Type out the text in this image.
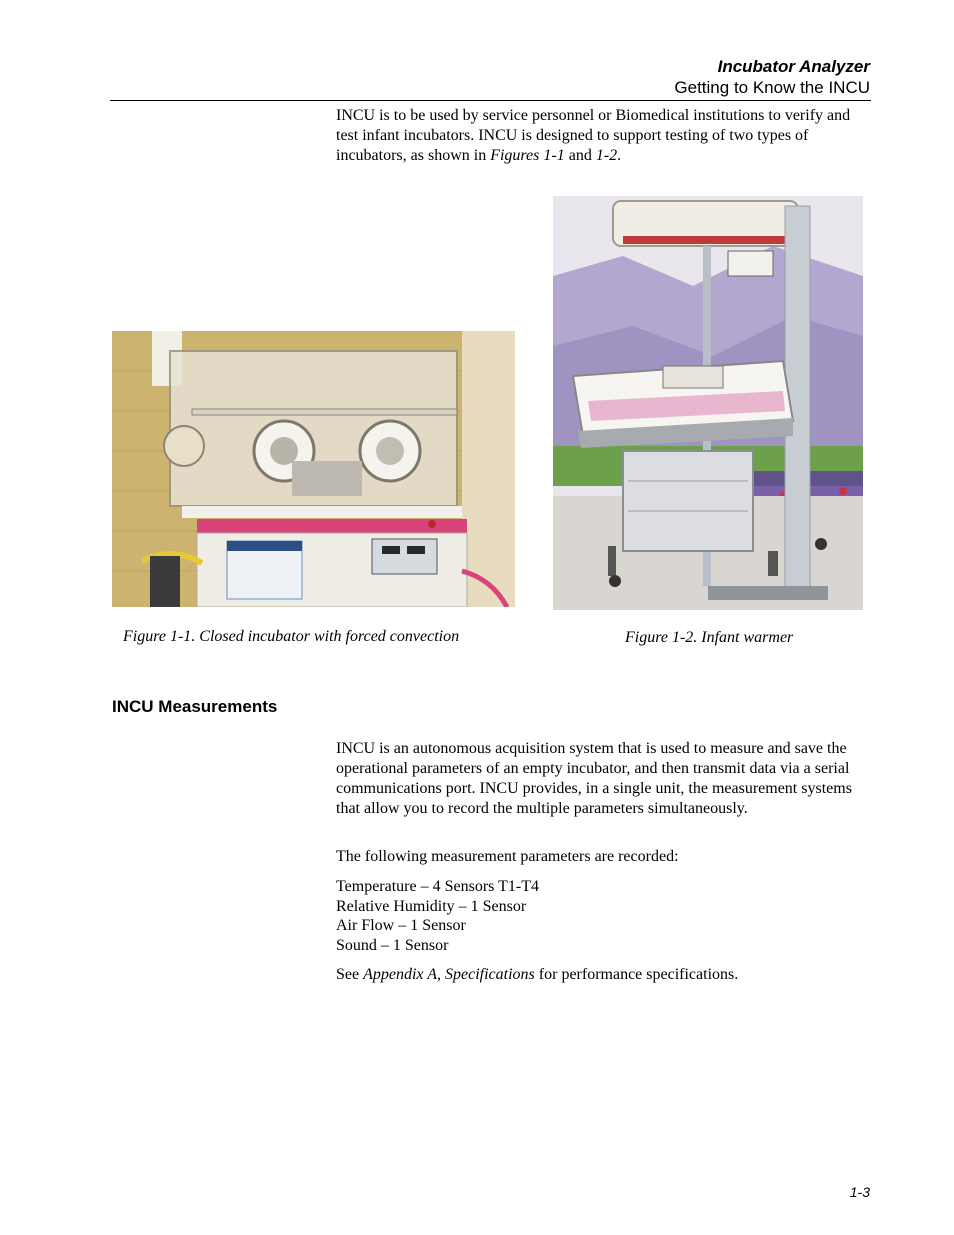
Incubator Analyzer
Getting to Know the INCU

INCU is to be used by service personnel or Biomedical institutions to verify and test infant incubators. INCU is designed to support testing of two types of incubators, as shown in Figures 1-1 and 1-2.

Figure 1-1. Closed incubator with forced convection	Figure 1-2. Infant warmer
INCU Measurements

INCU is an autonomous acquisition system that is used to measure and save the operational parameters of an empty incubator, and then transmit data via a serial communications port. INCU provides, in a single unit, the measurement systems that allow you to record the multiple parameters simultaneously.

The following measurement parameters are recorded:

Temperature – 4 Sensors T1-T4
Relative Humidity – 1 Sensor
Air Flow – 1 Sensor
Sound – 1 Sensor

See Appendix A, Specifications for performance specifications.

1-3
